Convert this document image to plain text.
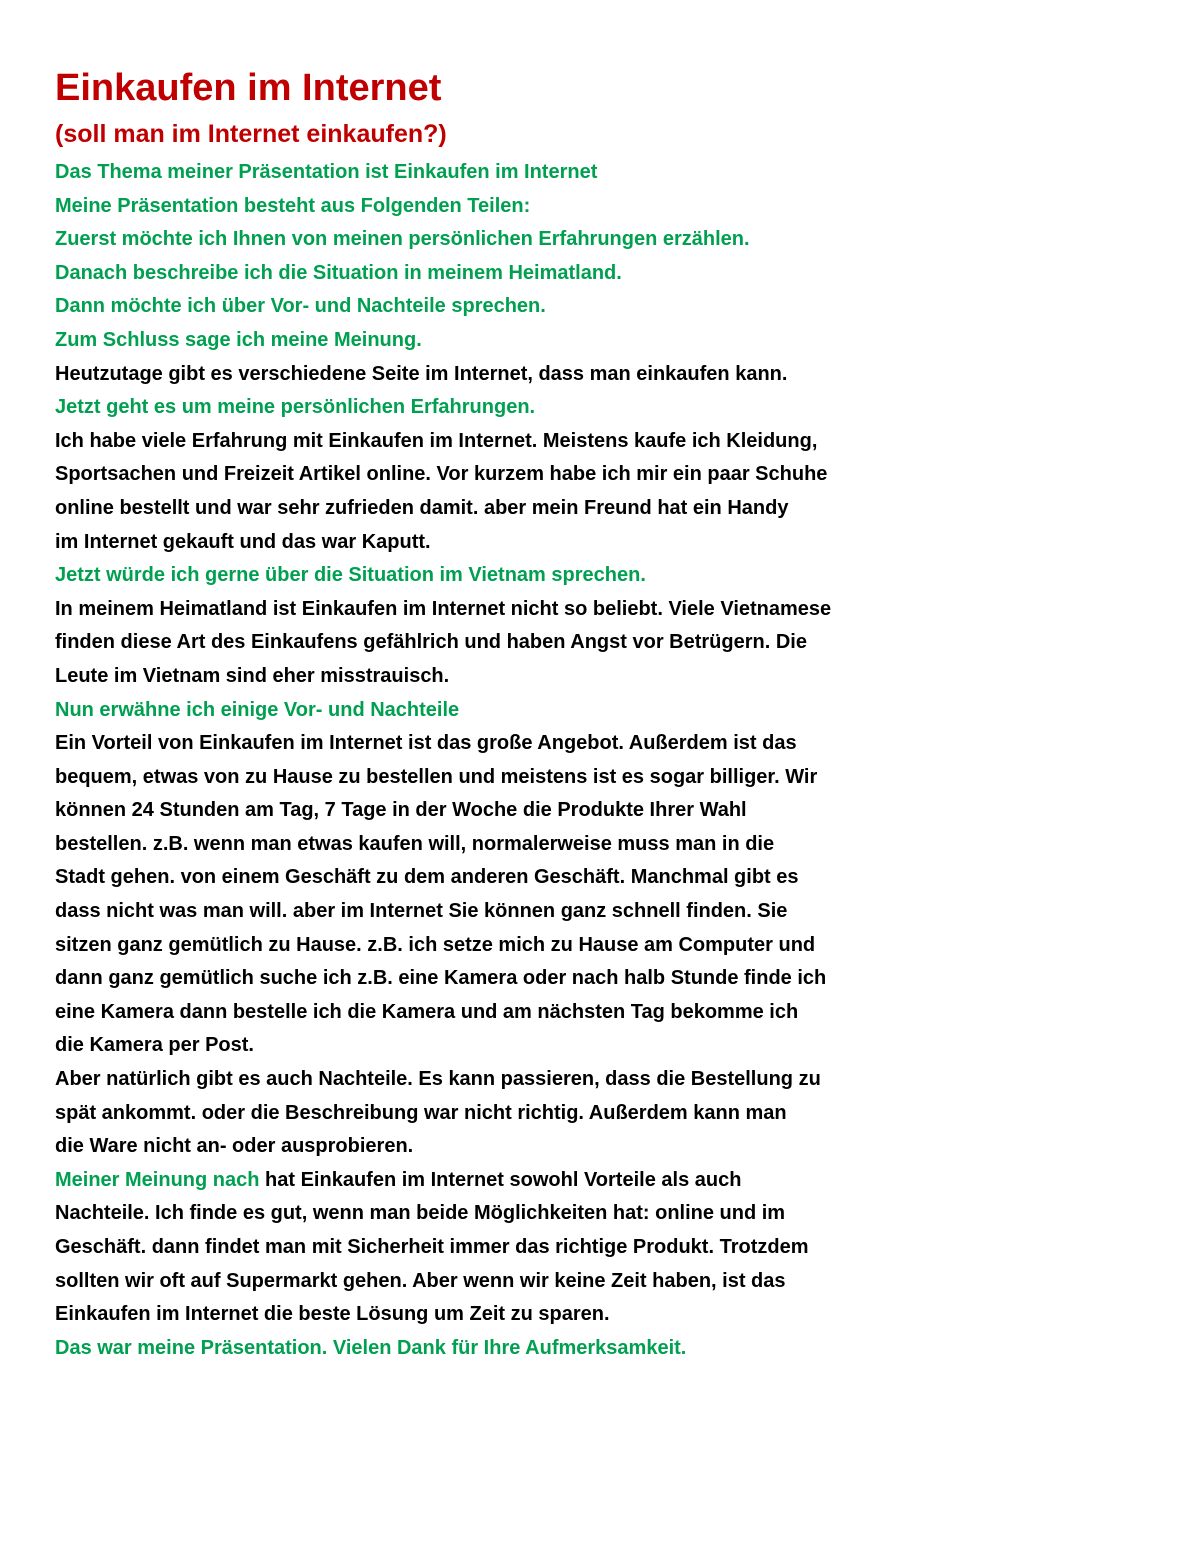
Einkaufen im Internet
(soll man im Internet einkaufen?)

Das Thema meiner Präsentation ist Einkaufen im Internet

Meine Präsentation besteht aus Folgenden Teilen:

Zuerst möchte ich Ihnen von meinen persönlichen Erfahrungen erzählen.

Danach beschreibe ich die Situation in meinem Heimatland.

Dann möchte ich über Vor- und Nachteile sprechen.

Zum Schluss sage ich meine Meinung.

Heutzutage gibt es verschiedene Seite im Internet, dass man einkaufen kann.

Jetzt geht es um meine persönlichen Erfahrungen.

Ich habe viele Erfahrung mit Einkaufen im Internet. Meistens kaufe ich Kleidung,

Sportsachen und Freizeit Artikel online. Vor kurzem habe ich mir ein paar Schuhe

online bestellt und war sehr zufrieden damit. aber mein Freund hat ein Handy

im Internet gekauft und das war Kaputt.

Jetzt würde ich gerne über die Situation im Vietnam sprechen.

In meinem Heimatland ist Einkaufen im Internet nicht so beliebt. Viele Vietnamese

finden diese Art des Einkaufens gefählrich und haben Angst vor Betrügern. Die

Leute im Vietnam sind eher misstrauisch.

Nun erwähne ich einige Vor- und Nachteile

Ein Vorteil von Einkaufen im Internet ist das große Angebot. Außerdem ist das

bequem, etwas von zu Hause zu bestellen und meistens ist es sogar billiger. Wir

können 24 Stunden am Tag, 7 Tage in der Woche die Produkte Ihrer Wahl

bestellen. z.B. wenn man etwas kaufen will, normalerweise muss man in die

Stadt gehen. von einem Geschäft zu dem anderen Geschäft. Manchmal gibt es

dass nicht was man will. aber im Internet Sie können ganz schnell finden. Sie

sitzen ganz gemütlich zu Hause. z.B. ich setze mich zu Hause am Computer und

dann ganz gemütlich suche ich z.B. eine Kamera oder nach halb Stunde finde ich

eine Kamera dann bestelle ich die Kamera und am nächsten Tag bekomme ich

die Kamera per Post.

Aber natürlich gibt es auch Nachteile. Es kann passieren, dass die Bestellung zu

spät ankommt. oder die Beschreibung war nicht richtig. Außerdem kann man

die Ware nicht an- oder ausprobieren.

Meiner Meinung nach hat Einkaufen im Internet sowohl Vorteile als auch

Nachteile. Ich finde es gut, wenn man beide Möglichkeiten hat: online und im

Geschäft. dann findet man mit Sicherheit immer das richtige Produkt. Trotzdem

sollten wir oft auf Supermarkt gehen. Aber wenn wir keine Zeit haben, ist das

Einkaufen im Internet die beste Lösung um Zeit zu sparen.

Das war meine Präsentation. Vielen Dank für Ihre Aufmerksamkeit.
